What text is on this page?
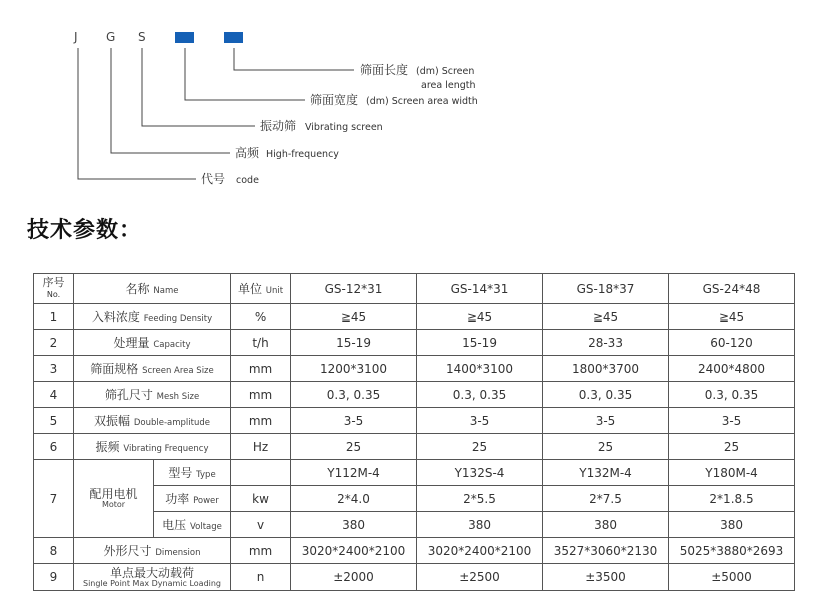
J G S
筛面长度 (dm) Screen
area length
筛面宽度 (dm) Screen area width
振动筛 Vibrating screen
高频 High-frequency
代号 code
技术参数：
序号
No.	名称 Name		单位 Unit	GS-12*31	GS-14*31	GS-18*37	GS-24*48
1	入料浓度 Feeding Density		%	≧45	≧45	≧45	≧45
2	处理量 Capacity		t/h	15-19	15-19	28-33	60-120
3	筛面规格 Screen Area Size		mm	1200*3100	1400*3100	1800*3700	2400*4800
4	筛孔尺寸 Mesh Size		mm	0.3, 0.35	0.3, 0.35	0.3, 0.35	0.3, 0.35
5	双振幅 Double-amplitude		mm	3-5	3-5	3-5	3-5
6	振频 Vibrating Frequency		Hz	25	25	25	25
7	配用电机
Motor	型号 Type		Y112M-4	Y132S-4	Y132M-4	Y180M-4
		功率 Power	kw	2*4.0	2*5.5	2*7.5	2*1.8.5
		电压 Voltage	v	380	380	380	380
8	外形尺寸 Dimension		mm	3020*2400*2100	3020*2400*2100	3527*3060*2130	5025*3880*2693
9	单点最大动载荷
Single Point Max Dynamic Loading		n	±2000	±2500	±3500	±5000
